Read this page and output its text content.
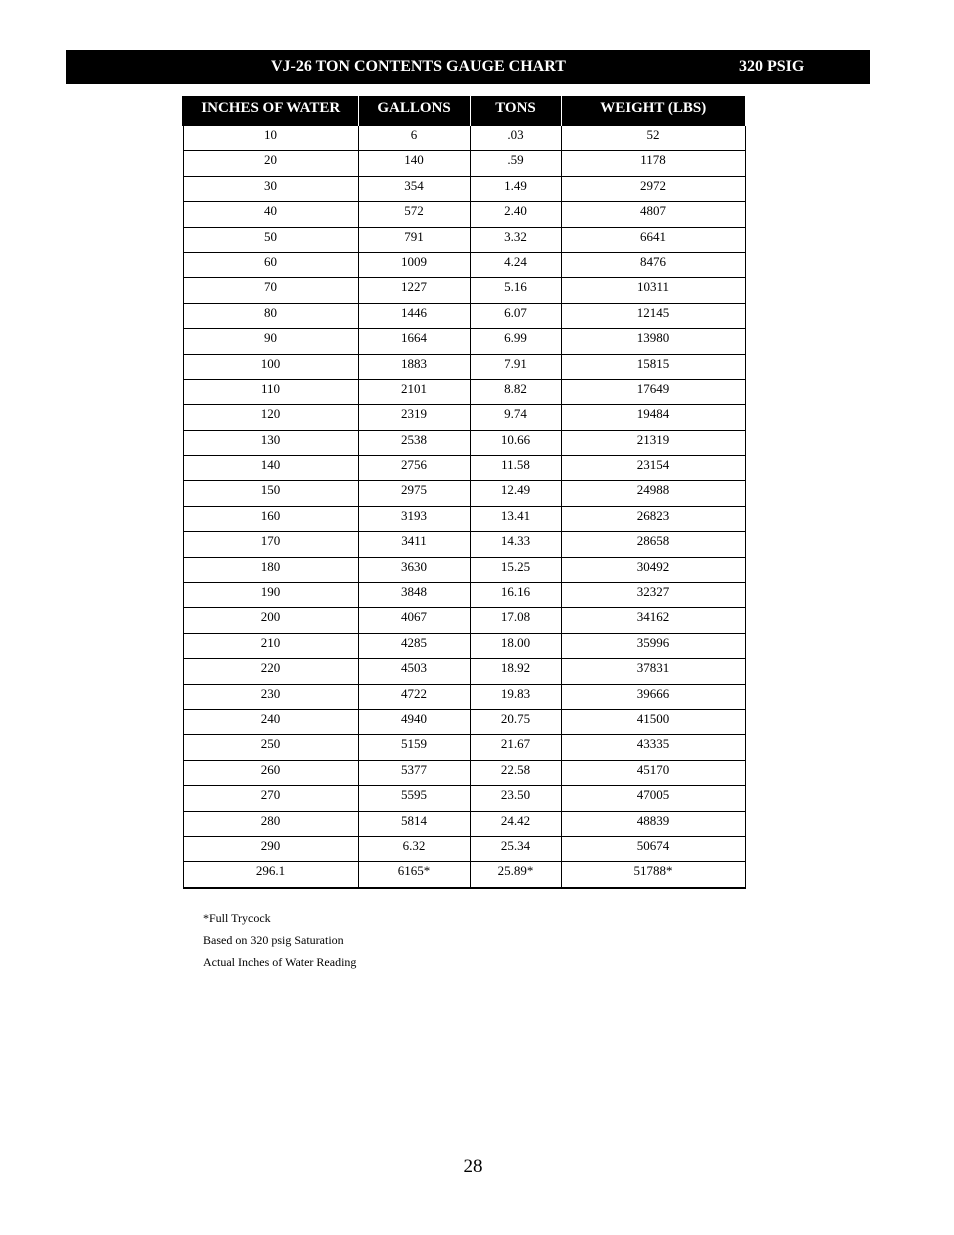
VJ-26 TON CONTENTS GAUGE CHART	320 PSIG
INCHES OF WATER	GALLONS	TONS	WEIGHT (LBS)
10	6	.03	52
20	140	.59	1178
30	354	1.49	2972
40	572	2.40	4807
50	791	3.32	6641
60	1009	4.24	8476
70	1227	5.16	10311
80	1446	6.07	12145
90	1664	6.99	13980
100	1883	7.91	15815
110	2101	8.82	17649
120	2319	9.74	19484
130	2538	10.66	21319
140	2756	11.58	23154
150	2975	12.49	24988
160	3193	13.41	26823
170	3411	14.33	28658
180	3630	15.25	30492
190	3848	16.16	32327
200	4067	17.08	34162
210	4285	18.00	35996
220	4503	18.92	37831
230	4722	19.83	39666
240	4940	20.75	41500
250	5159	21.67	43335
260	5377	22.58	45170
270	5595	23.50	47005
280	5814	24.42	48839
290	6.32	25.34	50674
296.1	6165*	25.89*	51788*
*Full Trycock
Based on 320 psig Saturation
Actual Inches of Water Reading
28
